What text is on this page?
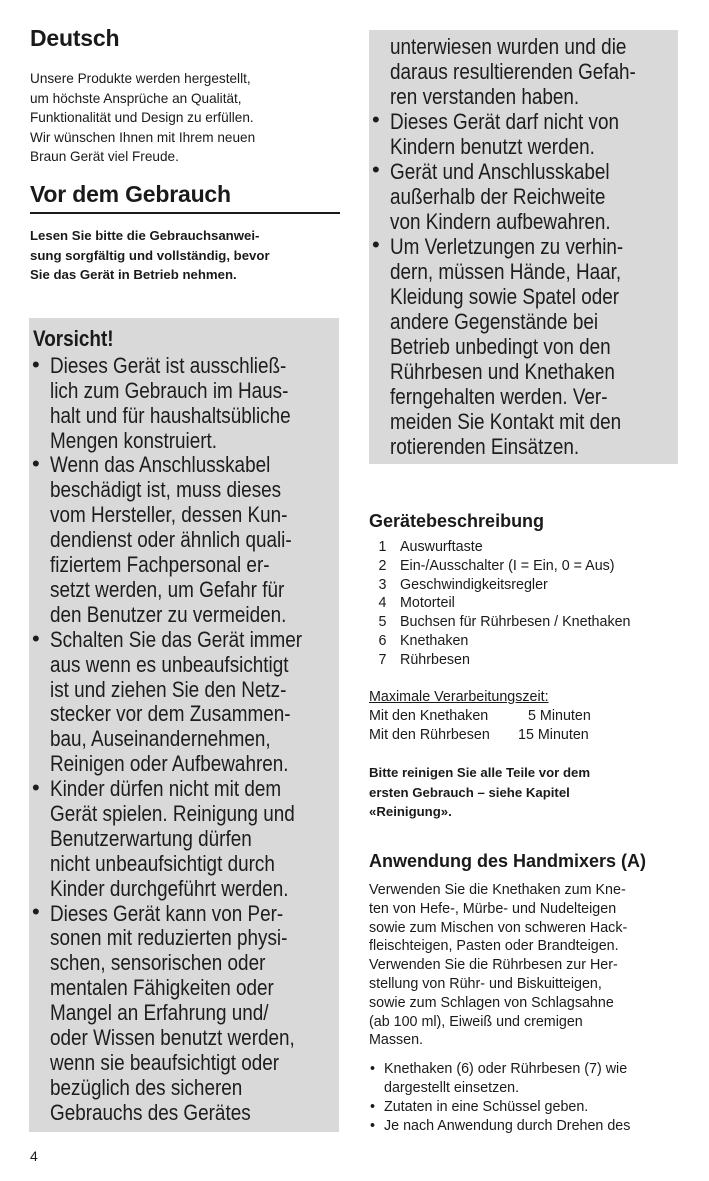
Deutsch
Unsere Produkte werden hergestellt,
um höchste Ansprüche an Qualität,
Funktionalität und Design zu erfüllen.
Wir wünschen Ihnen mit Ihrem neuen
Braun Gerät viel Freude.
Vor dem Gebrauch
Lesen Sie bitte die Gebrauchsanwei-
sung sorgfältig und vollständig, bevor
Sie das Gerät in Betrieb nehmen.
Vorsicht!
•
•
•
•
•
Dieses Gerät ist ausschließ-
lich zum Gebrauch im Haus-
halt und für haushaltsübliche
Mengen konstruiert.
Wenn das Anschlusskabel
beschädigt ist, muss dieses
vom Hersteller, dessen Kun-
dendienst oder ähnlich quali-
fiziertem Fachpersonal er-
setzt werden, um Gefahr für
den Benutzer zu vermeiden.
Schalten Sie das Gerät immer
aus wenn es unbeaufsichtigt
ist und ziehen Sie den Netz-
stecker vor dem Zusammen-
bau, Auseinandernehmen,
Reinigen oder Aufbewahren.
Kinder dürfen nicht mit dem
Gerät spielen. Reinigung und
Benutzerwartung dürfen
nicht unbeaufsichtigt durch
Kinder durchgeführt werden.
Dieses Gerät kann von Per-
sonen mit reduzierten physi-
schen, sensorischen oder
mentalen Fähigkeiten oder
Mangel an Erfahrung und/
oder Wissen benutzt werden,
wenn sie beaufsichtigt oder
bezüglich des sicheren
Gebrauchs des Gerätes
•
•
•
unterwiesen wurden und die
daraus resultierenden Gefah-
ren verstanden haben.
Dieses Gerät darf nicht von
Kindern benutzt werden.
Gerät und Anschlusskabel
außerhalb der Reichweite
von Kindern aufbewahren.
Um Verletzungen zu verhin-
dern, müssen Hände, Haar,
Kleidung sowie Spatel oder
andere Gegenstände bei
Betrieb unbedingt von den
Rührbesen und Knethaken
ferngehalten werden. Ver-
meiden Sie Kontakt mit den
rotierenden Einsätzen.
Gerätebeschreibung
1 Auswurftaste
2 Ein-/Ausschalter (I = Ein, 0 = Aus)
3 Geschwindigkeitsregler
4 Motorteil
5 Buchsen für Rührbesen / Knethaken
6 Knethaken
7 Rührbesen
Maximale Verarbeitungszeit:
Mit den Knethaken	5 Minuten
Mit den Rührbesen 15 Minuten
Bitte reinigen Sie alle Teile vor dem
ersten Gebrauch – siehe Kapitel
«Reinigung».
Anwendung des Handmixers (A)
Verwenden Sie die Knethaken zum Kne-
ten von Hefe-, Mürbe- und Nudelteigen
sowie zum Mischen von schweren Hack-
fleischteigen, Pasten oder Brandteigen.
Verwenden Sie die Rührbesen zur Her-
stellung von Rühr- und Biskuitteigen,
sowie zum Schlagen von Schlagsahne
(ab 100 ml), Eiweiß und cremigen
Massen.
• Knethaken (6) oder Rührbesen (7) wie
dargestellt einsetzen.
• Zutaten in eine Schüssel geben.
• Je nach Anwendung durch Drehen des
4
